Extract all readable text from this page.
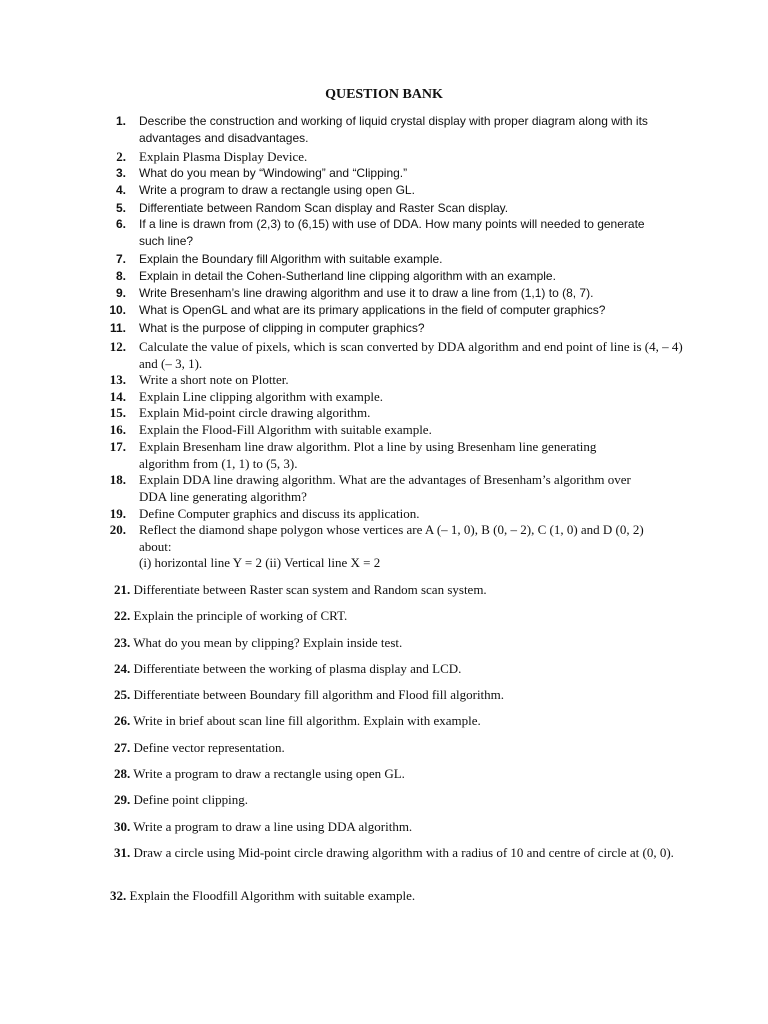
QUESTION BANK
1. Describe the construction and working of liquid crystal display with proper diagram along with its advantages and disadvantages.
2. Explain Plasma Display Device.
3. What do you mean by “Windowing” and “Clipping.”
4. Write a program to draw a rectangle using open GL.
5. Differentiate between Random Scan display and Raster Scan display.
6. If a line is drawn from (2,3) to (6,15) with use of DDA. How many points will needed to generate such line?
7. Explain the Boundary fill Algorithm with suitable example.
8. Explain in detail the Cohen-Sutherland line clipping algorithm with an example.
9. Write Bresenham’s line drawing algorithm and use it to draw a line from (1,1) to (8, 7).
10. What is OpenGL and what are its primary applications in the field of computer graphics?
11. What is the purpose of clipping in computer graphics?
12. Calculate the value of pixels, which is scan converted by DDA algorithm and end point of line is (4, – 4) and (– 3, 1).
13. Write a short note on Plotter.
14. Explain Line clipping algorithm with example.
15. Explain Mid-point circle drawing algorithm.
16. Explain the Flood-Fill Algorithm with suitable example.
17. Explain Bresenham line draw algorithm. Plot a line by using Bresenham line generating algorithm from (1, 1) to (5, 3).
18. Explain DDA line drawing algorithm. What are the advantages of Bresenham’s algorithm over DDA line generating algorithm?
19. Define Computer graphics and discuss its application.
20. Reflect the diamond shape polygon whose vertices are A (– 1, 0), B (0, – 2), C (1, 0) and D (0, 2) about:
(i) horizontal line Y = 2 (ii) Vertical line X = 2
21. Differentiate between Raster scan system and Random scan system.
22. Explain the principle of working of CRT.
23. What do you mean by clipping? Explain inside test.
24. Differentiate between the working of plasma display and LCD.
25. Differentiate between Boundary fill algorithm and Flood fill algorithm.
26. Write in brief about scan line fill algorithm. Explain with example.
27. Define vector representation.
28. Write a program to draw a rectangle using open GL.
29. Define point clipping.
30. Write a program to draw a line using DDA algorithm.
31. Draw a circle using Mid-point circle drawing algorithm with a radius of 10 and centre of circle at (0, 0).
32. Explain the Floodfill Algorithm with suitable example.
